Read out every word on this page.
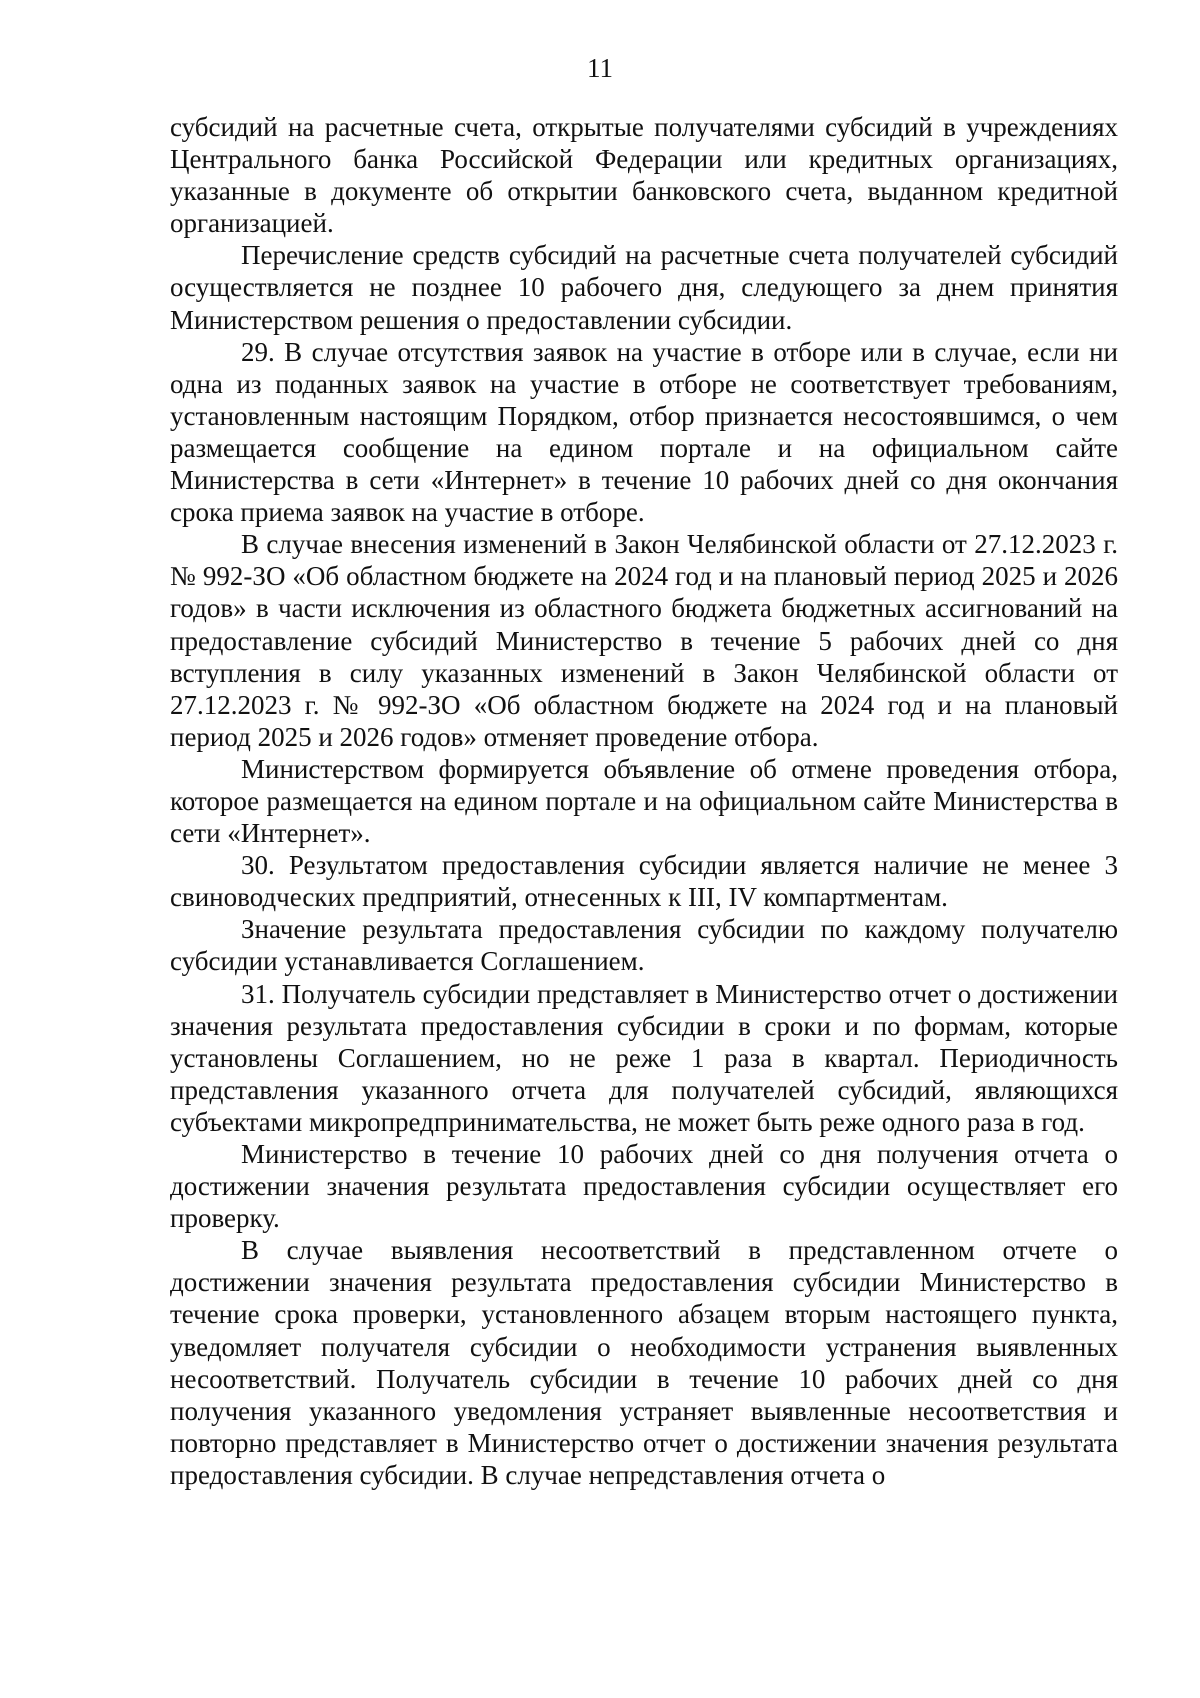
11

субсидий на расчетные счета, открытые получателями субсидий в учреждениях Центрального банка Российской Федерации или кредитных организациях, указанные в документе об открытии банковского счета, выданном кредитной организацией.

Перечисление средств субсидий на расчетные счета получателей субсидий осуществляется не позднее 10 рабочего дня, следующего за днем принятия Министерством решения о предоставлении субсидии.

29. В случае отсутствия заявок на участие в отборе или в случае, если ни одна из поданных заявок на участие в отборе не соответствует требованиям, установленным настоящим Порядком, отбор признается несостоявшимся, о чем размещается сообщение на едином портале и на официальном сайте Министерства в сети «Интернет» в течение 10 рабочих дней со дня окончания срока приема заявок на участие в отборе.

В случае внесения изменений в Закон Челябинской области от 27.12.2023 г. № 992-ЗО «Об областном бюджете на 2024 год и на плановый период 2025 и 2026 годов» в части исключения из областного бюджета бюджетных ассигнований на предоставление субсидий Министерство в течение 5 рабочих дней со дня вступления в силу указанных изменений в Закон Челябинской области от 27.12.2023 г. № 992-ЗО «Об областном бюджете на 2024 год и на плановый период 2025 и 2026 годов» отменяет проведение отбора.

Министерством формируется объявление об отмене проведения отбора, которое размещается на едином портале и на официальном сайте Министерства в сети «Интернет».

30. Результатом предоставления субсидии является наличие не менее 3 свиноводческих предприятий, отнесенных к III, IV компартментам.

Значение результата предоставления субсидии по каждому получателю субсидии устанавливается Соглашением.

31. Получатель субсидии представляет в Министерство отчет о достижении значения результата предоставления субсидии в сроки и по формам, которые установлены Соглашением, но не реже 1 раза в квартал. Периодичность представления указанного отчета для получателей субсидий, являющихся субъектами микропредпринимательства, не может быть реже одного раза в год.

Министерство в течение 10 рабочих дней со дня получения отчета о достижении значения результата предоставления субсидии осуществляет его проверку.

В случае выявления несоответствий в представленном отчете о достижении значения результата предоставления субсидии Министерство в течение срока проверки, установленного абзацем вторым настоящего пункта, уведомляет получателя субсидии о необходимости устранения выявленных несоответствий. Получатель субсидии в течение 10 рабочих дней со дня получения указанного уведомления устраняет выявленные несоответствия и повторно представляет в Министерство отчет о достижении значения результата предоставления субсидии. В случае непредставления отчета о
